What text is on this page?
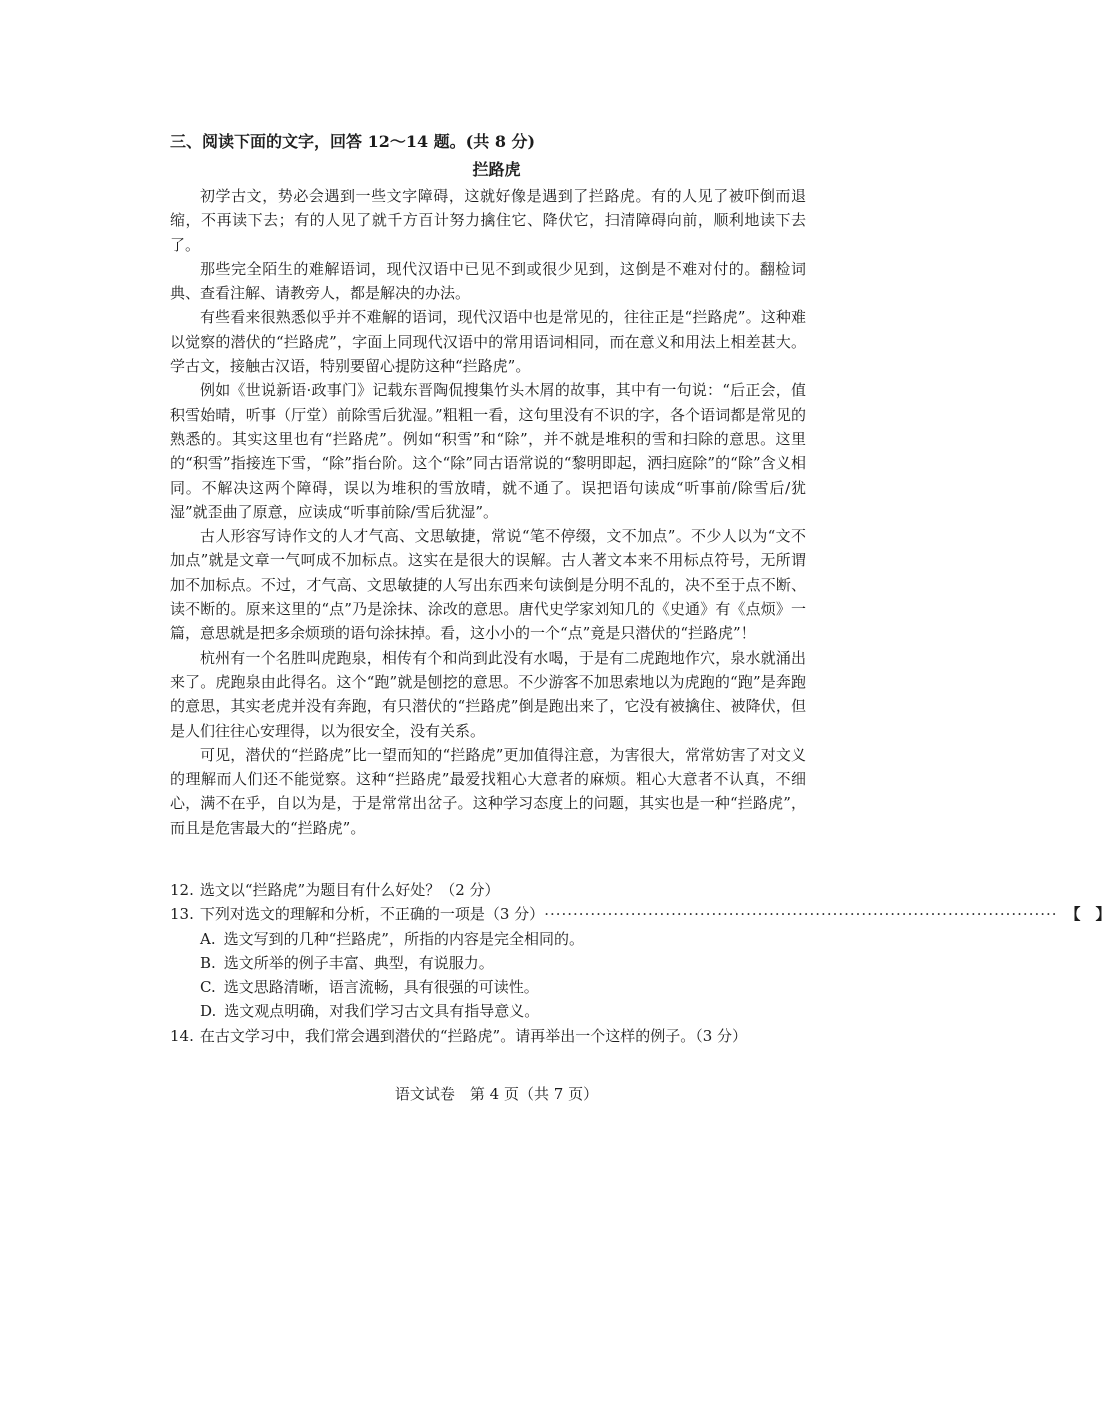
三、阅读下面的文字，回答 12～14 题。(共 8 分)
拦路虎

初学古文，势必会遇到一些文字障碍，这就好像是遇到了拦路虎。有的人见了被吓倒而退缩，不再读下去；有的人见了就千方百计努力擒住它、降伏它，扫清障碍向前，顺利地读下去了。

那些完全陌生的难解语词，现代汉语中已见不到或很少见到，这倒是不难对付的。翻检词典、查看注解、请教旁人，都是解决的办法。

有些看来很熟悉似乎并不难解的语词，现代汉语中也是常见的，往往正是“拦路虎”。这种难以觉察的潜伏的“拦路虎”，字面上同现代汉语中的常用语词相同，而在意义和用法上相差甚大。学古文，接触古汉语，特别要留心提防这种“拦路虎”。

例如《世说新语·政事门》记载东晋陶侃搜集竹头木屑的故事，其中有一句说：“后正会，值积雪始晴，听事（厅堂）前除雪后犹湿。”粗粗一看，这句里没有不识的字，各个语词都是常见的熟悉的。其实这里也有“拦路虎”。例如“积雪”和“除”，并不就是堆积的雪和扫除的意思。这里的“积雪”指接连下雪，“除”指台阶。这个“除”同古语常说的“黎明即起，洒扫庭除”的“除”含义相同。不解决这两个障碍，误以为堆积的雪放晴，就不通了。误把语句读成“听事前/除雪后/犹湿”就歪曲了原意，应读成“听事前除/雪后犹湿”。

古人形容写诗作文的人才气高、文思敏捷，常说“笔不停缀，文不加点”。不少人以为“文不加点”就是文章一气呵成不加标点。这实在是很大的误解。古人著文本来不用标点符号，无所谓加不加标点。不过，才气高、文思敏捷的人写出东西来句读倒是分明不乱的，决不至于点不断、读不断的。原来这里的“点”乃是涂抹、涂改的意思。唐代史学家刘知几的《史通》有《点烦》一篇，意思就是把多余烦琐的语句涂抹掉。看，这小小的一个“点”竟是只潜伏的“拦路虎”！

杭州有一个名胜叫虎跑泉，相传有个和尚到此没有水喝，于是有二虎跑地作穴，泉水就涌出来了。虎跑泉由此得名。这个“跑”就是刨挖的意思。不少游客不加思索地以为虎跑的“跑”是奔跑的意思，其实老虎并没有奔跑，有只潜伏的“拦路虎”倒是跑出来了，它没有被擒住、被降伏，但是人们往往心安理得，以为很安全，没有关系。

可见，潜伏的“拦路虎”比一望而知的“拦路虎”更加值得注意，为害很大，常常妨害了对文义的理解而人们还不能觉察。这种“拦路虎”最爱找粗心大意者的麻烦。粗心大意者不认真，不细心，满不在乎，自以为是，于是常常出岔子。这种学习态度上的问题，其实也是一种“拦路虎”，而且是危害最大的“拦路虎”。

12. 选文以“拦路虎”为题目有什么好处？（2 分）
13. 下列对选文的理解和分析，不正确的一项是（3 分） ························································································· 【　】
A. 选文写到的几种“拦路虎”，所指的内容是完全相同的。
B. 选文所举的例子丰富、典型，有说服力。
C. 选文思路清晰，语言流畅，具有很强的可读性。
D. 选文观点明确，对我们学习古文具有指导意义。
14. 在古文学习中，我们常会遇到潜伏的“拦路虎”。请再举出一个这样的例子。（3 分）
语文试卷　第 4 页（共 7 页）
